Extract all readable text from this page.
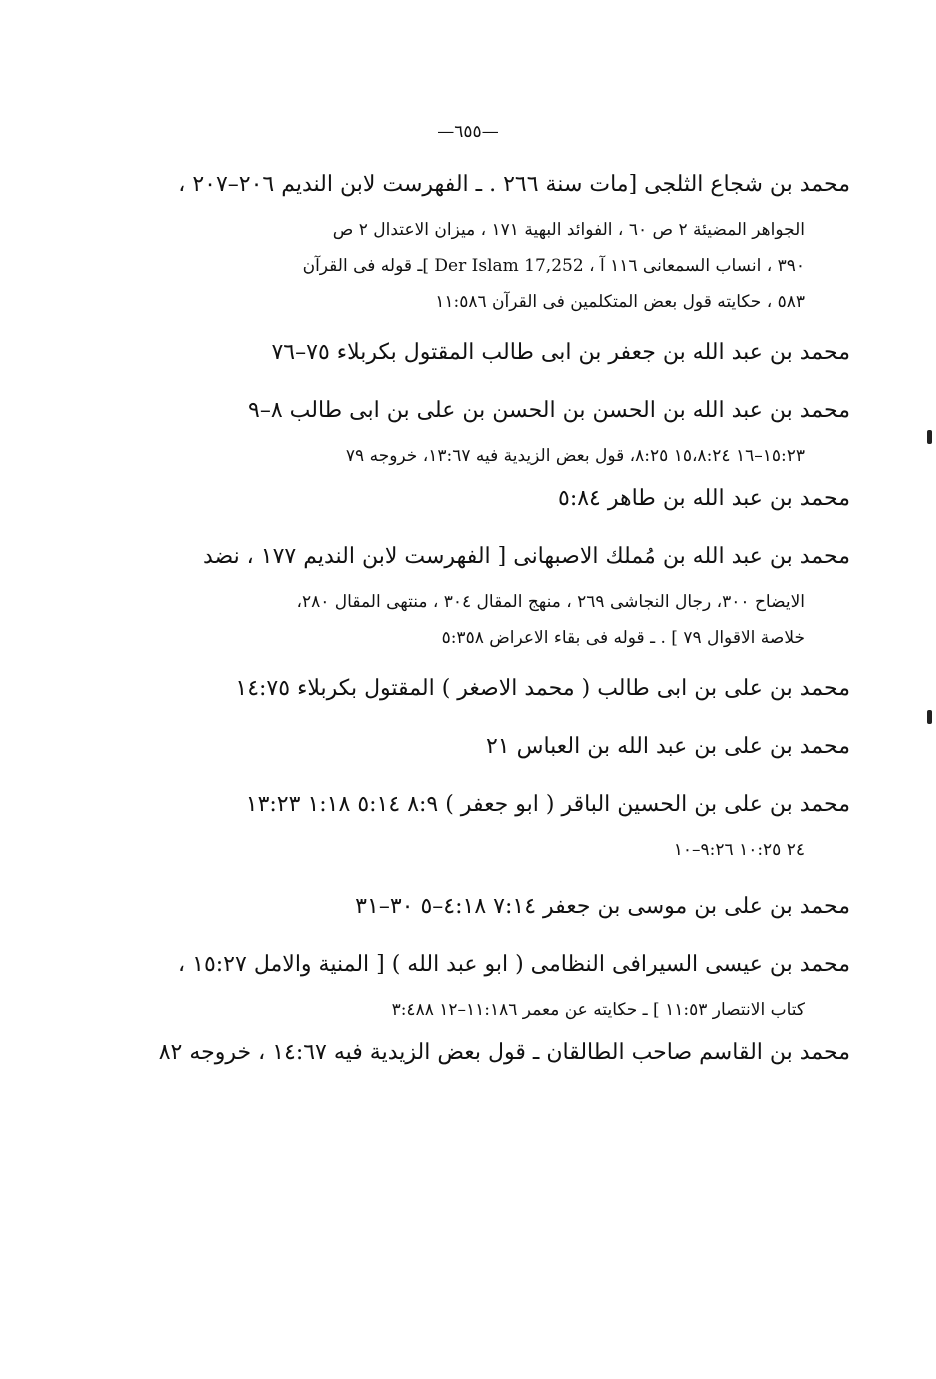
—٦٥٥—
محمد بن شجاع الثلجى [مات سنة ٢٦٦ . ـ الفهرست لابن النديم ٢٠٦–٢٠٧ ،
الجواهر المضيئة ٢ ص ٦٠ ، الفوائد البهية ١٧١ ، ميزان الاعتدال ٢ ص
٣٩٠ ، انساب السمعانى ١١٦ آ ، Der Islam 17,252 ]ـ قوله فى القرآن
٥٨٣ ، حكايته قول بعض المتكلمين فى القرآن ١١:٥٨٦
محمد بن عبد الله بن جعفر بن ابى طالب المقتول بكربلاء ٧٥–٧٦
محمد بن عبد الله بن الحسن بن الحسن بن على بن ابى طالب ٨–٩
١٥:٢٣–١٦ ١٥،٨:٢٤ ٨:٢٥، قول بعض الزيدية فيه ١٣:٦٧، خروجه ٧٩
محمد بن عبد الله بن طاهر ٥:٨٤
محمد بن عبد الله بن مُملك الاصبهانى [ الفهرست لابن النديم ١٧٧ ، نضد
الايضاح ٣٠٠، رجال النجاشى ٢٦٩ ، منهج المقال ٣٠٤ ، منتهى المقال ٢٨٠،
خلاصة الاقوال ٧٩ ] . ـ قوله فى بقاء الاعراض ٥:٣٥٨
محمد بن على بن ابى طالب ( محمد الاصغر ) المقتول بكربلاء ١٤:٧٥
محمد بن على بن عبد الله بن العباس ٢١
محمد بن على بن الحسين الباقر ( ابو جعفر ) ٨:٩ ٥:١٤ ١:١٨ ١٣:٢٣
٢٤ ١٠:٢٥ ٩:٢٦–١٠
محمد بن على بن موسى بن جعفر ٧:١٤ ٤:١٨–٥ ٣٠–٣١
محمد بن عيسى السيرافى النظامى ( ابو عبد الله ) [ المنية والامل ١٥:٢٧ ،
كتاب الانتصار ١١:٥٣ ] ـ حكايته عن معمر ١١:١٨٦–١٢ ٣:٤٨٨
محمد بن القاسم صاحب الطالقان ـ قول بعض الزيدية فيه ١٤:٦٧ ، خروجه ٨٢
